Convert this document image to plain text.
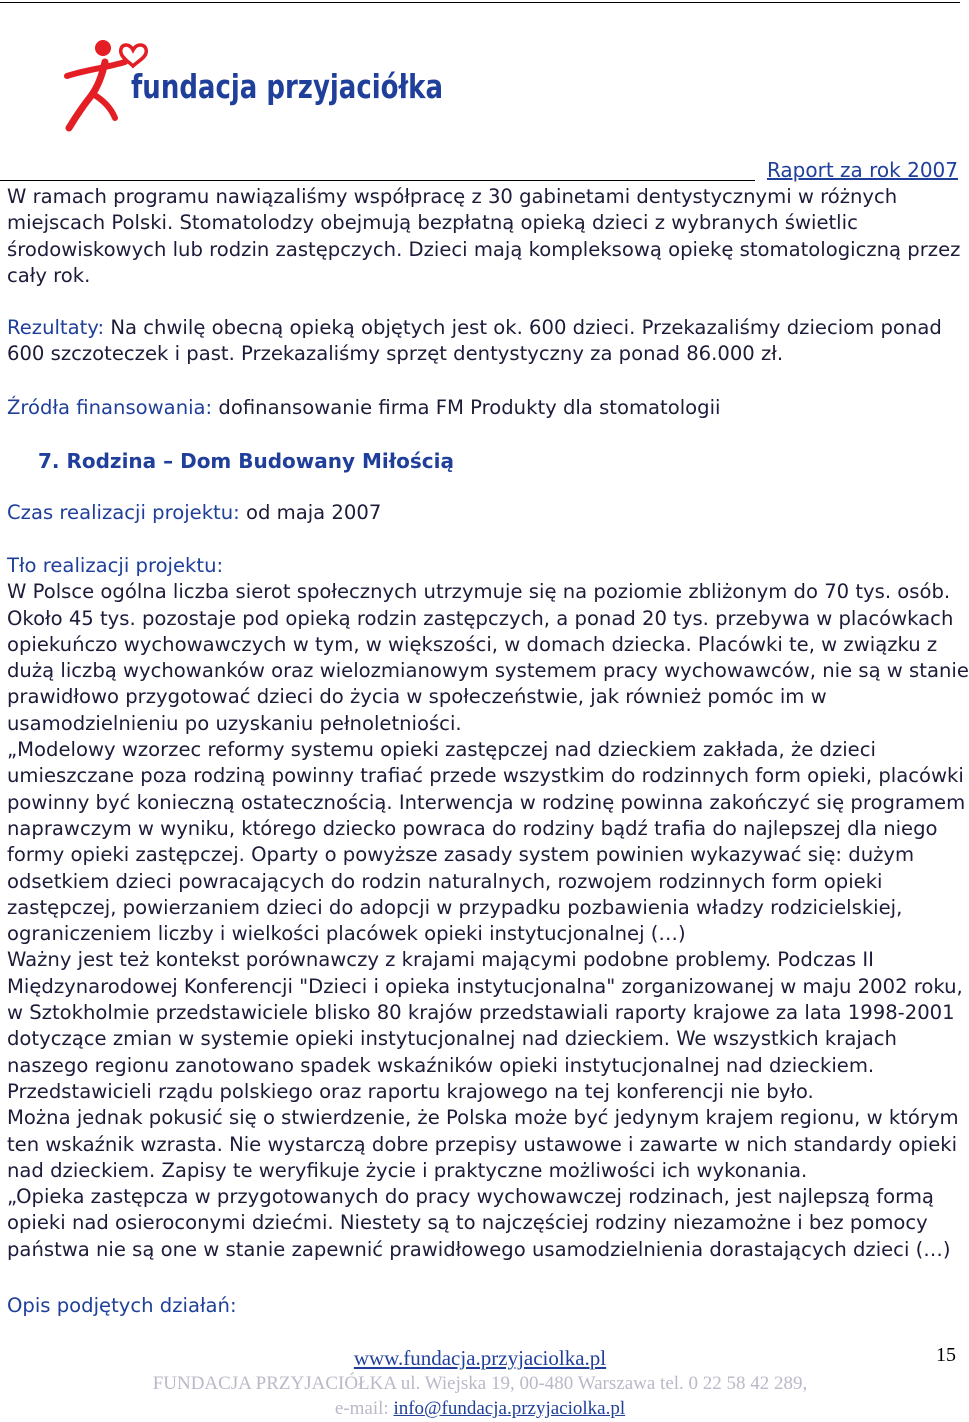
fundacja przyjaciółka
Raport za rok 2007
W ramach programu nawiązaliśmy współpracę z 30 gabinetami dentystycznymi w różnych
miejscach Polski. Stomatolodzy obejmują bezpłatną opieką dzieci z wybranych świetlic
środowiskowych lub rodzin zastępczych. Dzieci mają kompleksową opiekę stomatologiczną przez
cały rok.
Rezultaty: Na chwilę obecną opieką objętych jest ok. 600 dzieci. Przekazaliśmy dzieciom ponad
600 szczoteczek i past. Przekazaliśmy sprzęt dentystyczny za ponad 86.000 zł.
Źródła finansowania: dofinansowanie firma FM Produkty dla stomatologii
7. Rodzina – Dom Budowany Miłością
Czas realizacji projektu: od maja 2007
Tło realizacji projektu:
W Polsce ogólna liczba sierot społecznych utrzymuje się na poziomie zbliżonym do 70 tys. osób.
Około 45 tys. pozostaje pod opieką rodzin zastępczych, a ponad 20 tys. przebywa w placówkach
opiekuńczo wychowawczych w tym, w większości, w domach dziecka. Placówki te, w związku z
dużą liczbą wychowanków oraz wielozmianowym systemem pracy wychowawców, nie są w stanie
prawidłowo przygotować dzieci do życia w społeczeństwie, jak również pomóc im w
usamodzielnieniu po uzyskaniu pełnoletniości.
„Modelowy wzorzec reformy systemu opieki zastępczej nad dzieckiem zakłada, że dzieci
umieszczane poza rodziną powinny trafiać przede wszystkim do rodzinnych form opieki, placówki
powinny być konieczną ostatecznością. Interwencja w rodzinę powinna zakończyć się programem
naprawczym w wyniku, którego dziecko powraca do rodziny bądź trafia do najlepszej dla niego
formy opieki zastępczej. Oparty o powyższe zasady system powinien wykazywać się: dużym
odsetkiem dzieci powracających do rodzin naturalnych, rozwojem rodzinnych form opieki
zastępczej, powierzaniem dzieci do adopcji w przypadku pozbawienia władzy rodzicielskiej,
ograniczeniem liczby i wielkości placówek opieki instytucjonalnej (…)
Ważny jest też kontekst porównawczy z krajami mającymi podobne problemy. Podczas II
Międzynarodowej Konferencji "Dzieci i opieka instytucjonalna" zorganizowanej w maju 2002 roku,
w Sztokholmie przedstawiciele blisko 80 krajów przedstawiali raporty krajowe za lata 1998-2001
dotyczące zmian w systemie opieki instytucjonalnej nad dzieckiem. We wszystkich krajach
naszego regionu zanotowano spadek wskaźników opieki instytucjonalnej nad dzieckiem.
Przedstawicieli rządu polskiego oraz raportu krajowego na tej konferencji nie było.
Można jednak pokusić się o stwierdzenie, że Polska może być jedynym krajem regionu, w którym
ten wskaźnik wzrasta. Nie wystarczą dobre przepisy ustawowe i zawarte w nich standardy opieki
nad dzieckiem. Zapisy te weryfikuje życie i praktyczne możliwości ich wykonania.
„Opieka zastępcza w przygotowanych do pracy wychowawczej rodzinach, jest najlepszą formą
opieki nad osieroconymi dziećmi. Niestety są to najczęściej rodziny niezamożne i bez pomocy
państwa nie są one w stanie zapewnić prawidłowego usamodzielnienia dorastających dzieci (…)
Opis podjętych działań:
15
www.fundacja.przyjaciolka.pl
FUNDACJA PRZYJACIÓŁKA ul. Wiejska 19, 00-480 Warszawa tel. 0 22 58 42 289,
e-mail: info@fundacja.przyjaciolka.pl
